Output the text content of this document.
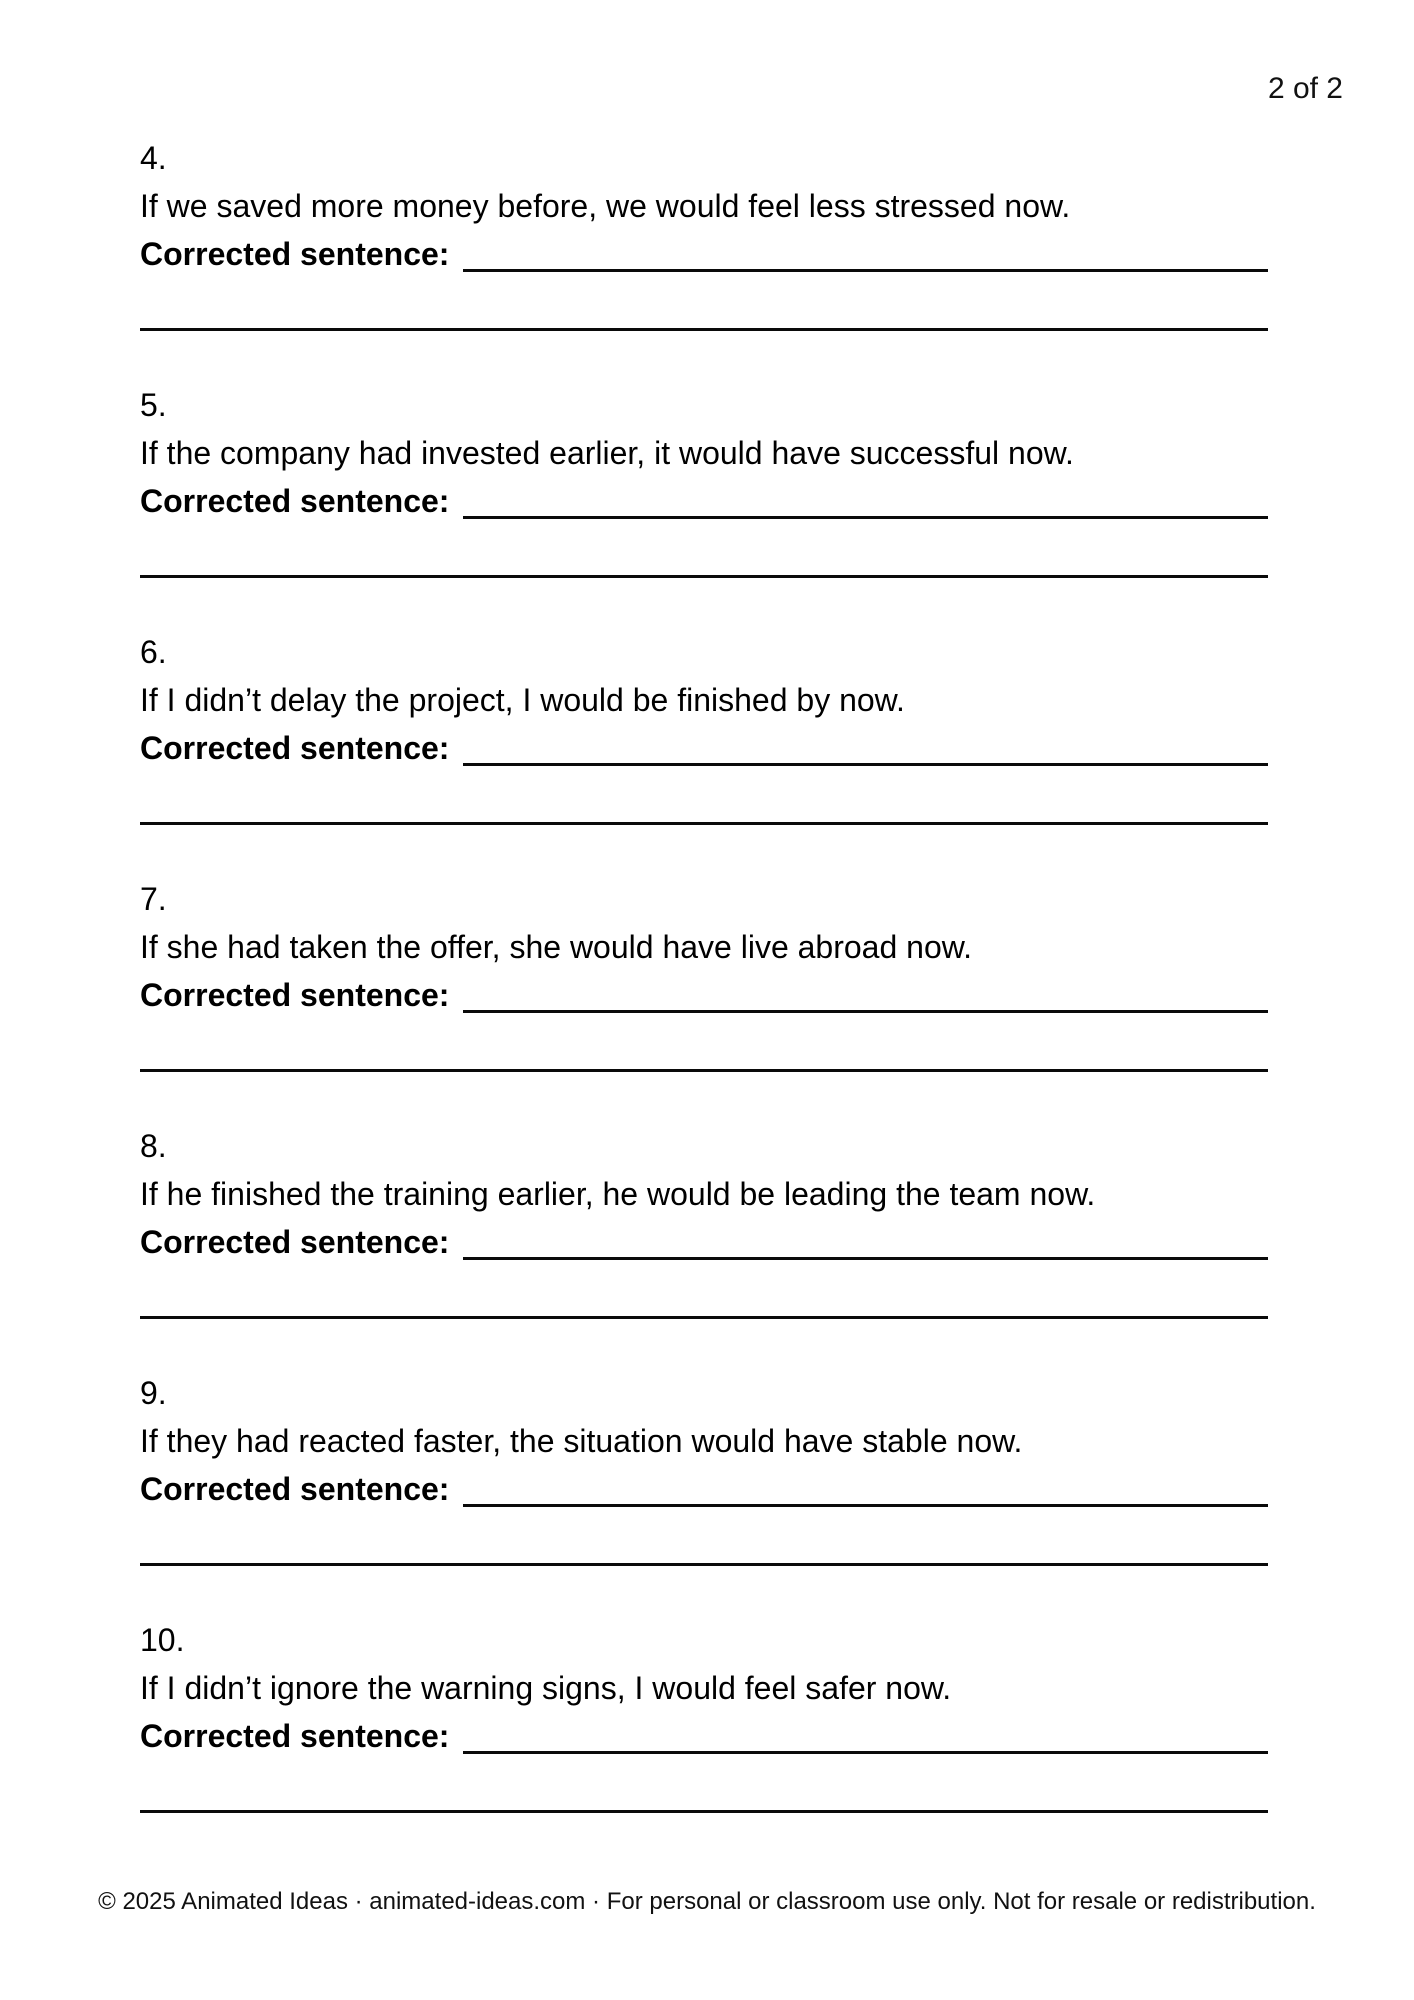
2 of 2
4.
If we saved more money before, we would feel less stressed now.
Corrected sentence:
5.
If the company had invested earlier, it would have successful now.
Corrected sentence:
6.
If I didn’t delay the project, I would be finished by now.
Corrected sentence:
7.
If she had taken the offer, she would have live abroad now.
Corrected sentence:
8.
If he finished the training earlier, he would be leading the team now.
Corrected sentence:
9.
If they had reacted faster, the situation would have stable now.
Corrected sentence:
10.
If I didn’t ignore the warning signs, I would feel safer now.
Corrected sentence:
© 2025 Animated Ideas · animated-ideas.com · For personal or classroom use only. Not for resale or redistribution.
